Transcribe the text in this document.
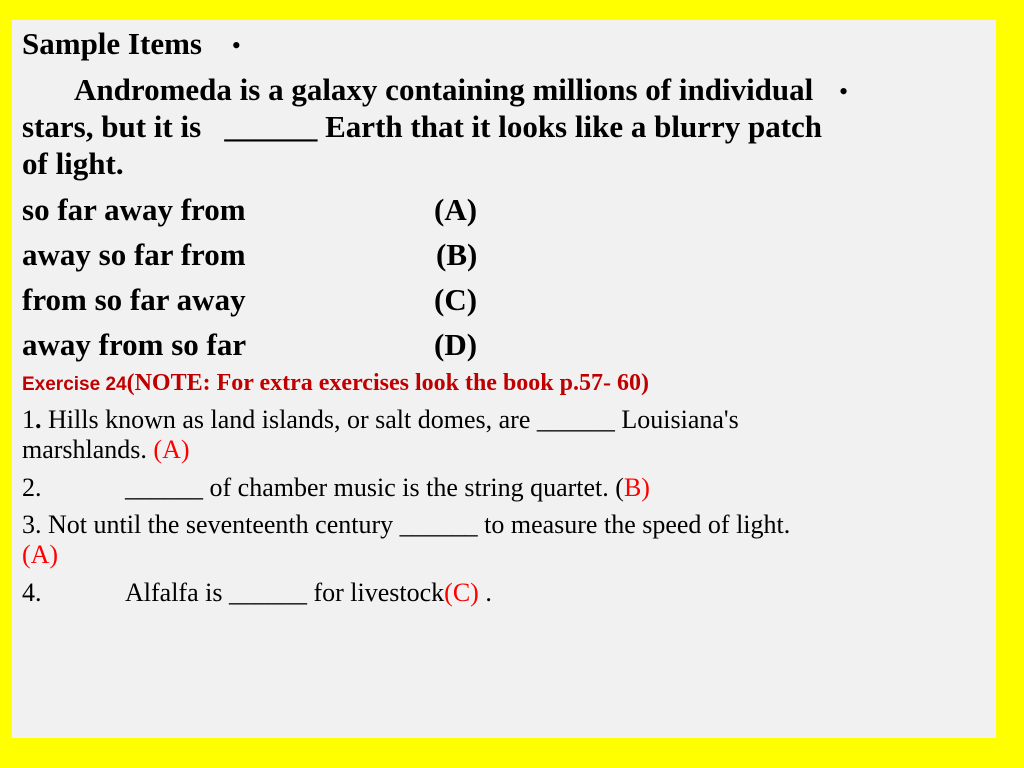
Sample Items •
Andromeda is a galaxy containing millions of individual •
stars, but it is   ______ Earth that it looks like a blurry patch
of light.
so far away from	(A)
away so far from	(B)
from so far away	(C)
away from so far	(D)
Exercise 24(NOTE: For extra exercises look the book p.57- 60)
1. Hills known as land islands, or salt domes, are ______ Louisiana's
marshlands. (A)
2.	______ of chamber music is the string quartet. (B)
3. Not until the seventeenth century ______ to measure the speed of light.
(A)
4.	Alfalfa is ______ for livestock(C) .
